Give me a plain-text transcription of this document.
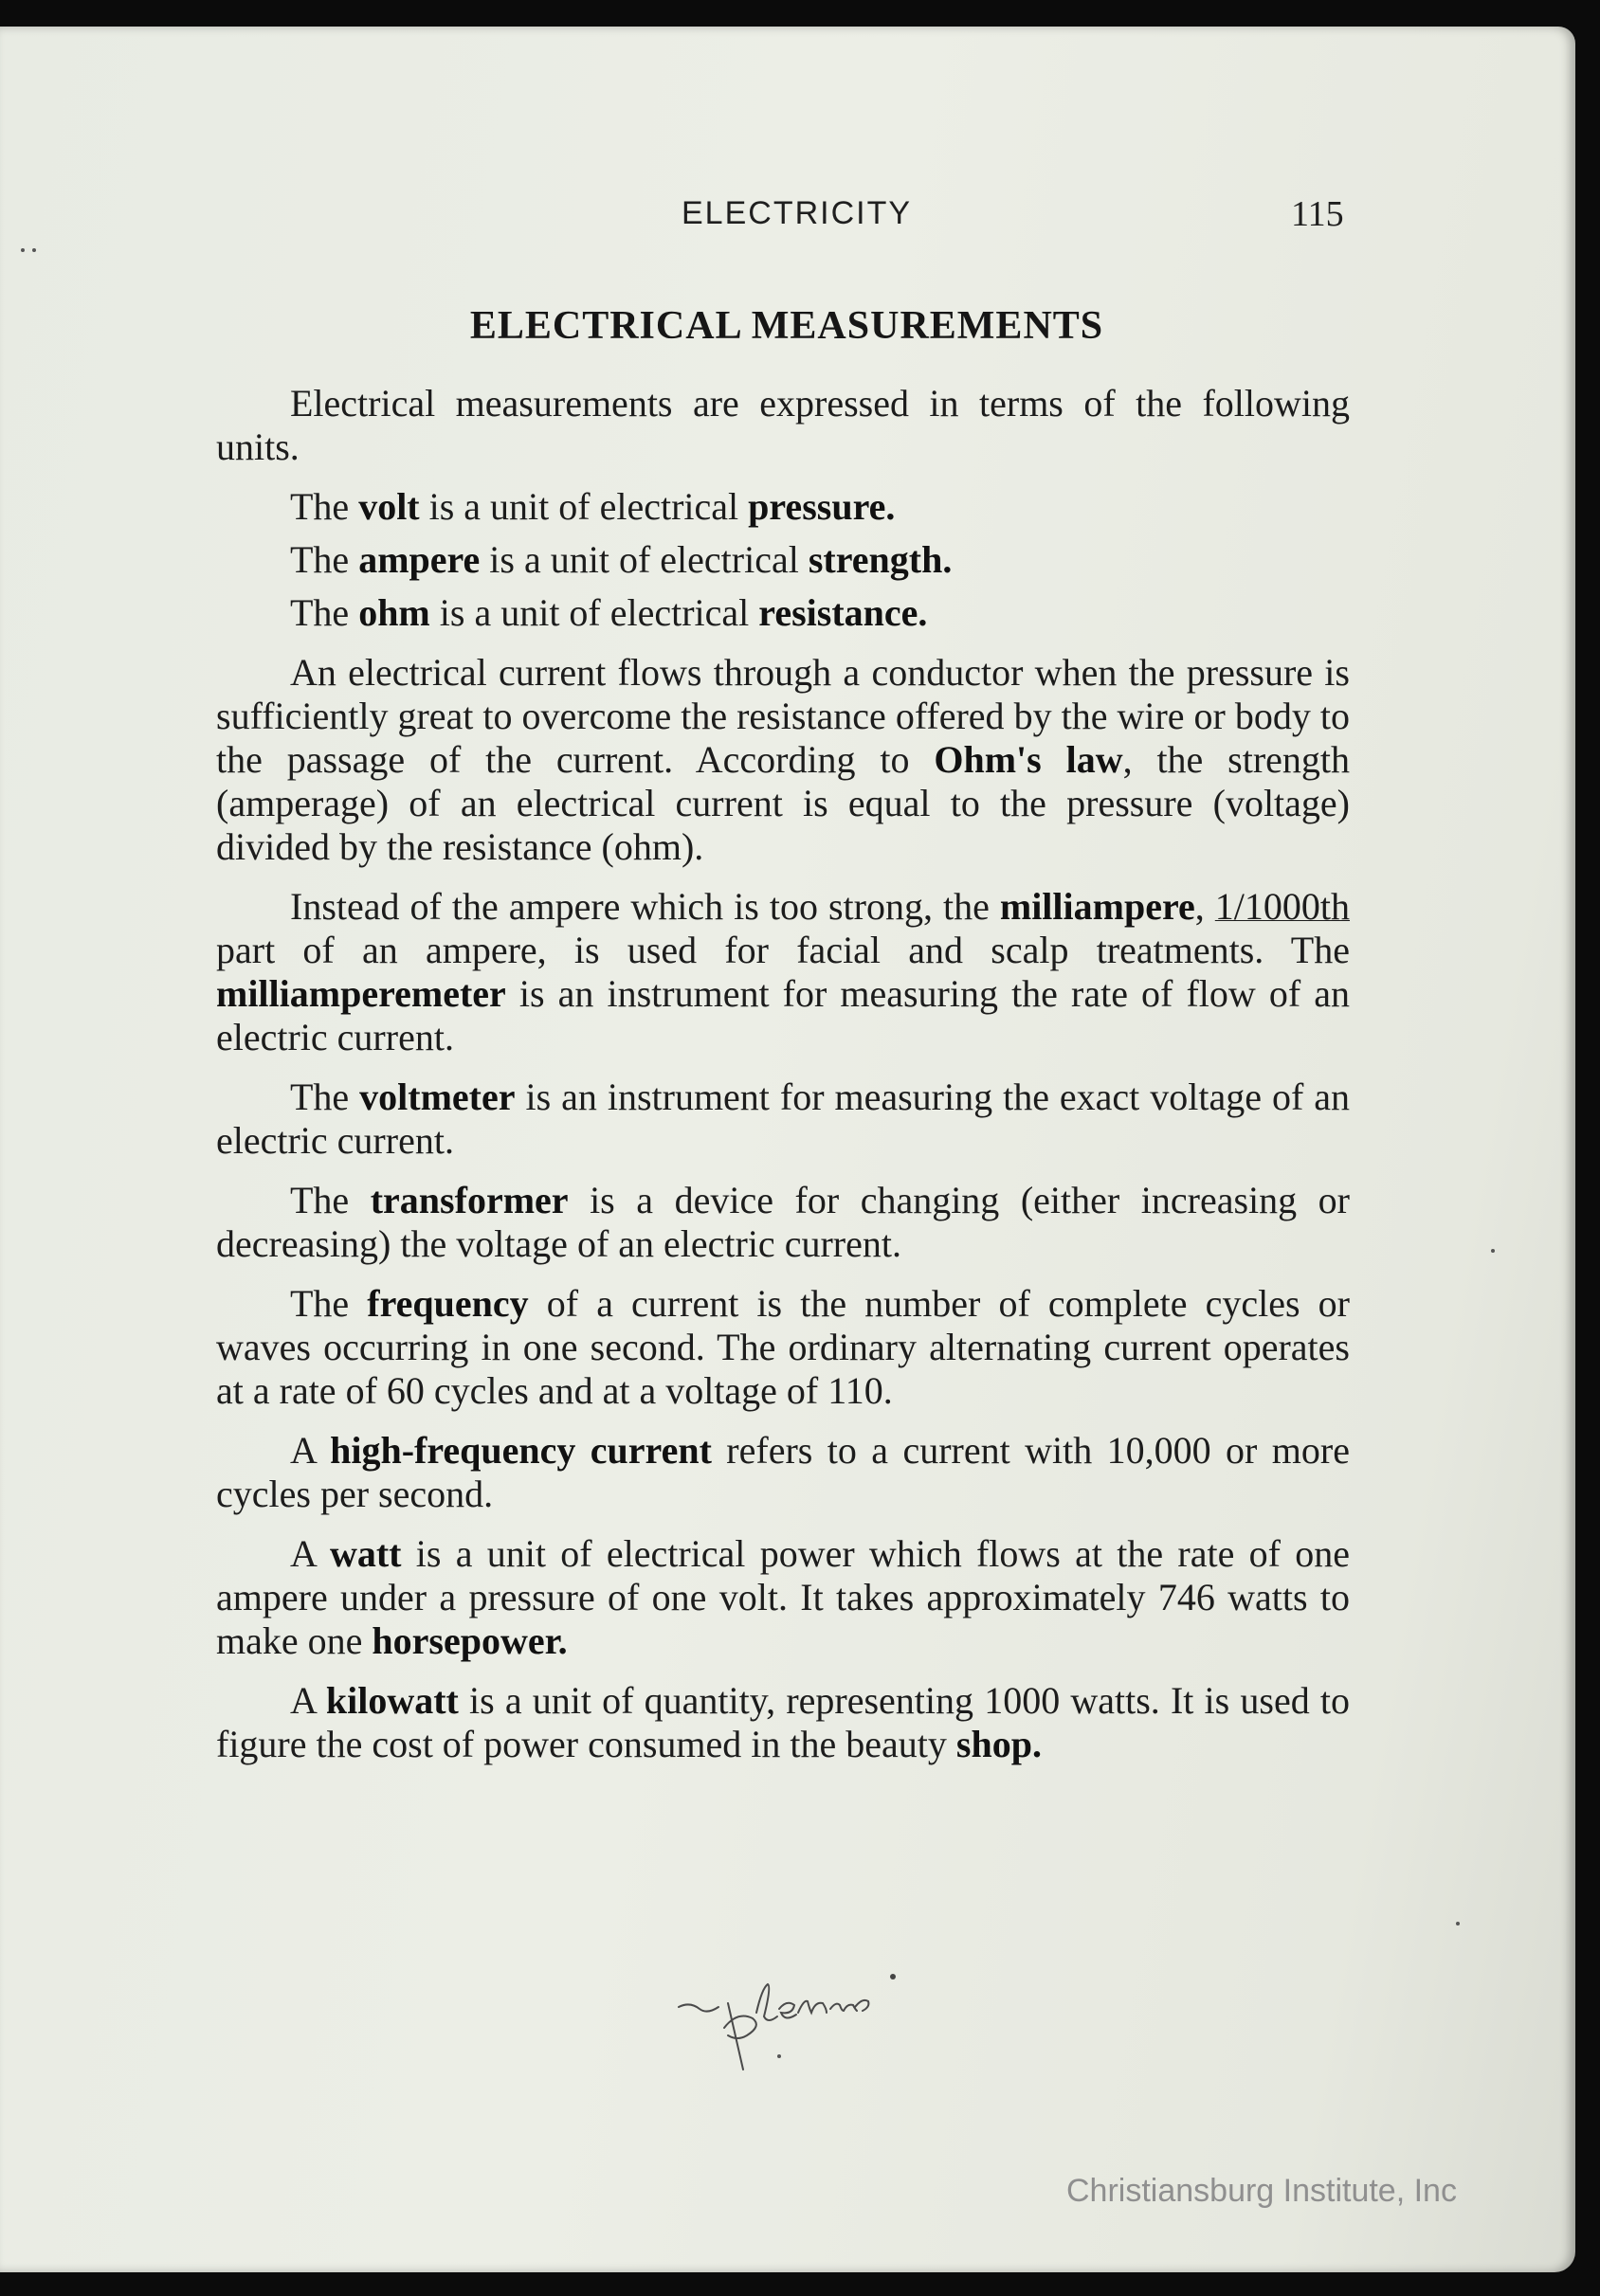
ELECTRICITY	115
ELECTRICAL MEASUREMENTS

Electrical measurements are expressed in terms of the following units.

The volt is a unit of electrical pressure.

The ampere is a unit of electrical strength.

The ohm is a unit of electrical resistance.

An electrical current flows through a conductor when the pressure is sufficiently great to overcome the resistance offered by the wire or body to the passage of the current. According to Ohm's law, the strength (amperage) of an electrical current is equal to the pressure (voltage) divided by the resistance (ohm).

Instead of the ampere which is too strong, the milliampere, 1/1000th part of an ampere, is used for facial and scalp treatments. The milliamperemeter is an instrument for measuring the rate of flow of an electric current.

The voltmeter is an instrument for measuring the exact voltage of an electric current.

The transformer is a device for changing (either increasing or decreasing) the voltage of an electric current.

The frequency of a current is the number of complete cycles or waves occurring in one second. The ordinary alternating current operates at a rate of 60 cycles and at a voltage of 110.

A high-frequency current refers to a current with 10,000 or more cycles per second.

A watt is a unit of electrical power which flows at the rate of one ampere under a pressure of one volt. It takes approximately 746 watts to make one horsepower.

A kilowatt is a unit of quantity, representing 1000 watts. It is used to figure the cost of power consumed in the beauty shop.

Christiansburg Institute, Inc
